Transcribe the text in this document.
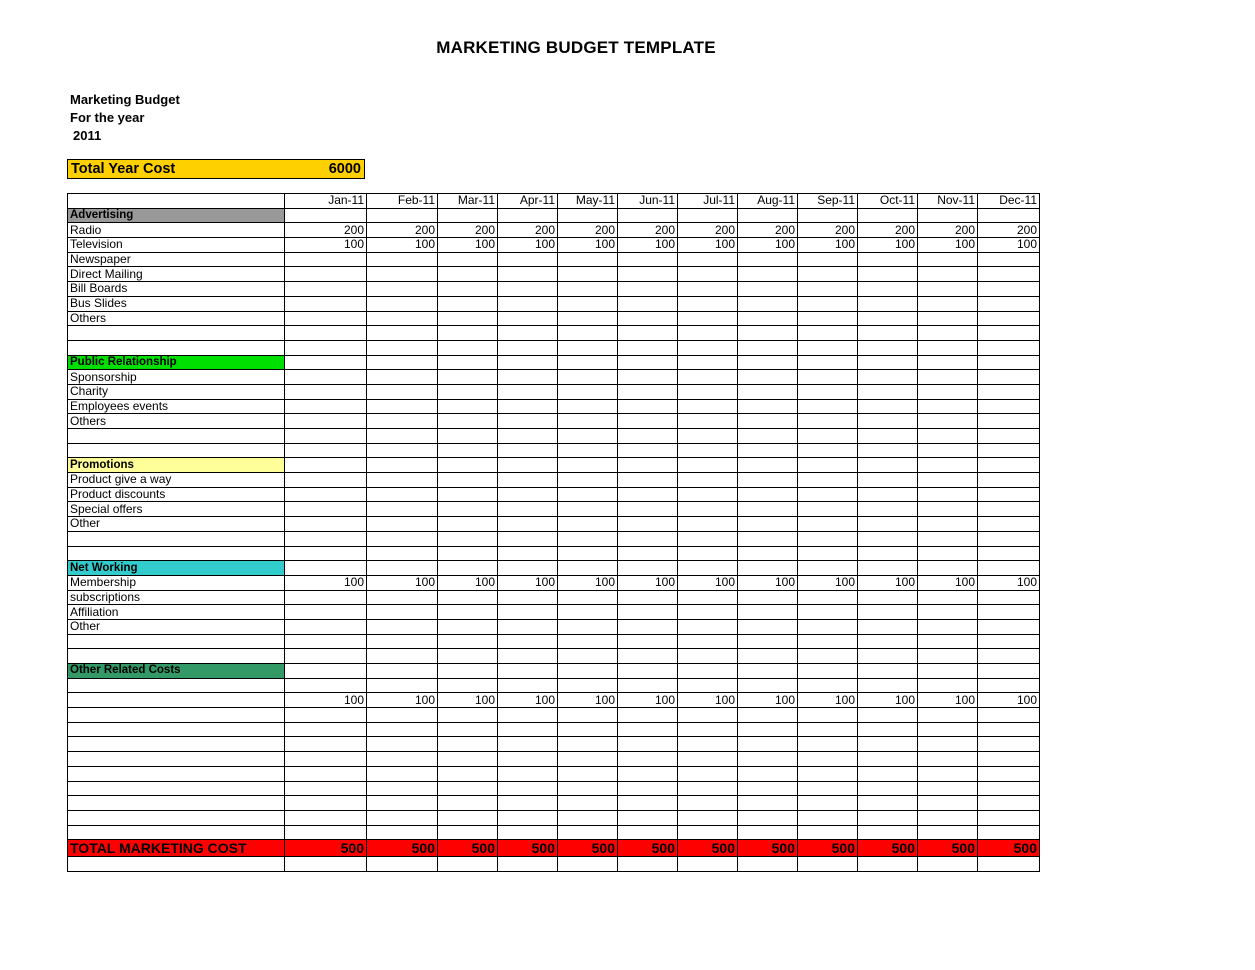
MARKETING BUDGET TEMPLATE
Marketing Budget
For the year
2011
Total Year Cost	6000
	Jan-11	Feb-11	Mar-11	Apr-11	May-11	Jun-11	Jul-11	Aug-11	Sep-11	Oct-11	Nov-11	Dec-11
Advertising												
Radio	200	200	200	200	200	200	200	200	200	200	200	200
Television	100	100	100	100	100	100	100	100	100	100	100	100
Newspaper												
Direct Mailing												
Bill Boards												
Bus Slides												
Others												

Public Relationship												
Sponsorship												
Charity												
Employees events												
Others												

Promotions												
Product give a way												
Product discounts												
Special offers												
Other												

Net Working												
Membership	100	100	100	100	100	100	100	100	100	100	100	100
subscriptions												
Affiliation												
Other												

Other Related Costs												

	100	100	100	100	100	100	100	100	100	100	100	100

TOTAL MARKETING COST	500	500	500	500	500	500	500	500	500	500	500	500
